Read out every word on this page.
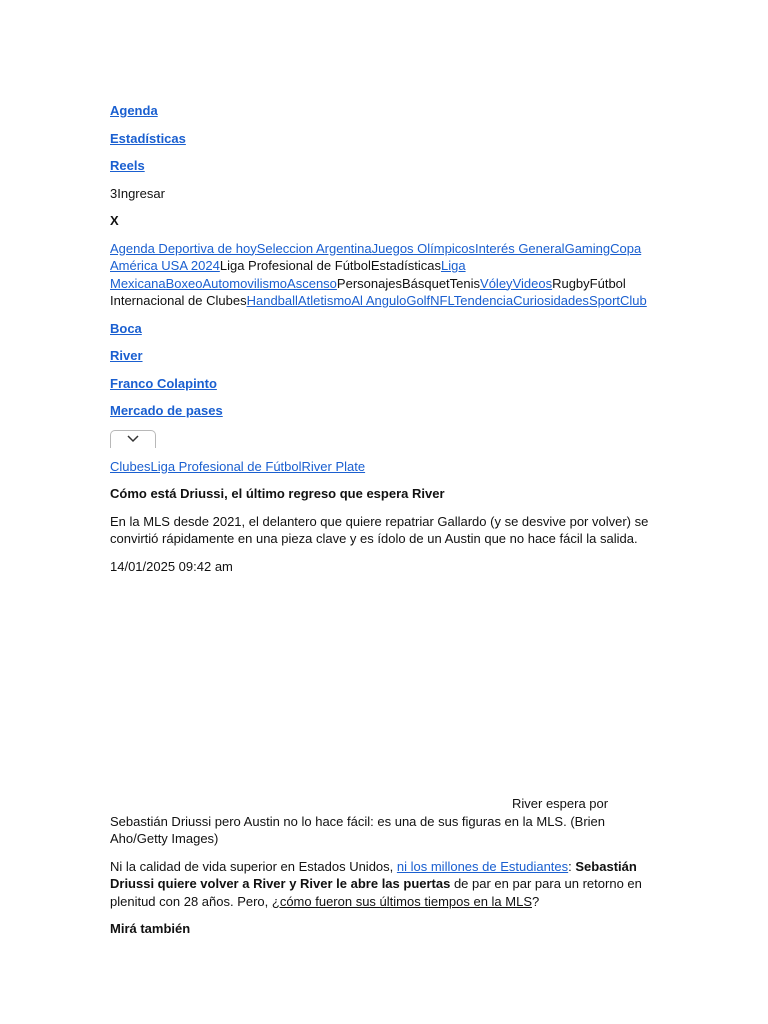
Agenda
Estadísticas
Reels
3Ingresar
X
Agenda Deportiva de hoySeleccion ArgentinaJuegos OlímpicosInterés GeneralGamingCopa América USA 2024Liga Profesional de FútbolEstadísticasLiga MexicanaBoxeoAutomovilismoAscensoPersonajesBásquetTenisVóleyVideosRugbyFútbol Internacional de ClubesHandballAtletismoAl AnguloGolfNFLTendenciaCuriosidadesSportClub
Boca
River
Franco Colapinto
Mercado de pases
ClubesLiga Profesional de FútbolRiver Plate
Cómo está Driussi, el último regreso que espera River
En la MLS desde 2021, el delantero que quiere repatriar Gallardo (y se desvive por volver) se convirtió rápidamente en una pieza clave y es ídolo de un Austin que no hace fácil la salida.
14/01/2025 09:42 am
River espera por Sebastián Driussi pero Austin no lo hace fácil: es una de sus figuras en la MLS. (Brien Aho/Getty Images)
Ni la calidad de vida superior en Estados Unidos, ni los millones de Estudiantes: Sebastián Driussi quiere volver a River y River le abre las puertas de par en par para un retorno en plenitud con 28 años. Pero, ¿cómo fueron sus últimos tiempos en la MLS?
Mirá también
